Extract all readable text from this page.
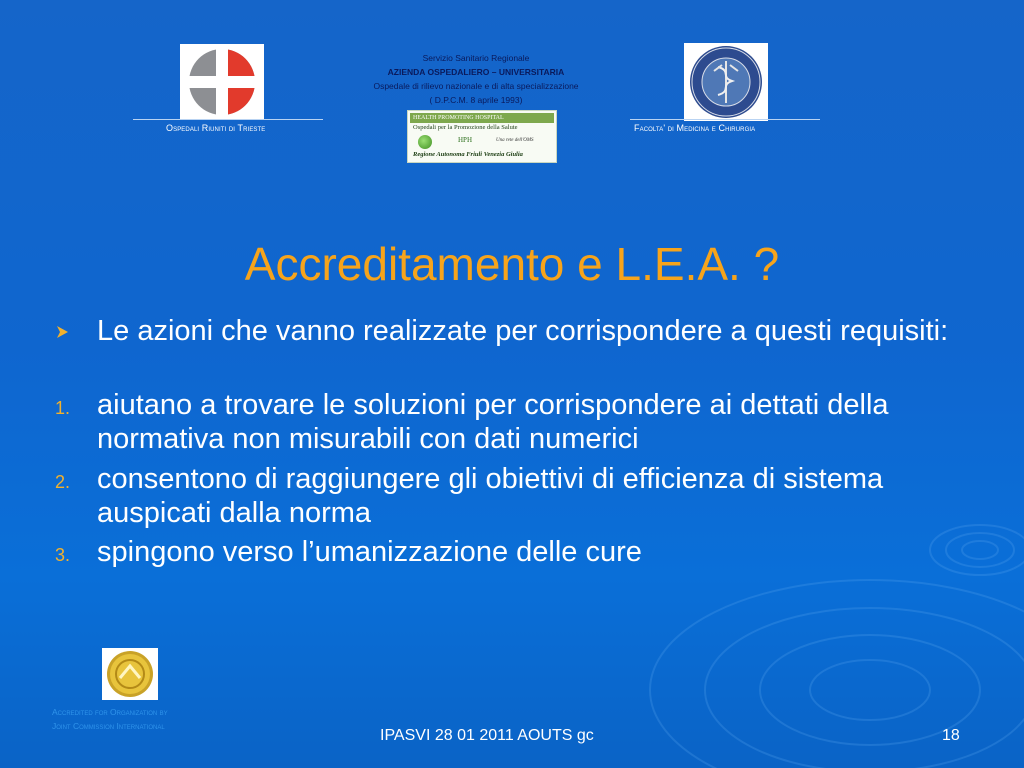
Ospedali Riuniti di Trieste
Servizio Sanitario Regionale
AZIENDA OSPEDALIERO – UNIVERSITARIA
Ospedale di rilievo nazionale e di alta specializzazione
( D.P.C.M. 8 aprile 1993)
HEALTH PROMOTING HOSPITAL
Ospedali per la Promozione della Salute
HPH	Una rete dell'OMS
Regione Autonoma Friuli Venezia Giulia
Facolta' di Medicina e Chirurgia
Accreditamento e L.E.A. ?
Le azioni che vanno realizzate per corrispondere a questi requisiti:
1. aiutano a trovare le soluzioni per corrispondere ai dettati della normativa non misurabili con dati numerici
2. consentono di raggiungere gli obiettivi di efficienza di sistema auspicati dalla norma
3. spingono verso l’umanizzazione delle cure
Accredited for Organization by
Joint Commission International
IPASVI 28 01 2011 AOUTS gc	18
